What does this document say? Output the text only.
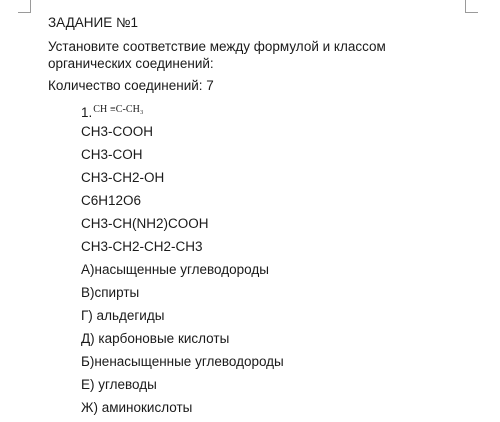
ЗАДАНИЕ №1
Установите соответствие между формулой и классом органических соединений:
Количество соединений: 7
1.CH ≡C-CH₃
CH3-COOH
CH3-COH
CH3-CH2-OH
C6H12O6
CH3-CH(NH2)COOH
CH3-CH2-CH2-CH3
А)насыщенные углеводороды
В)спирты
Г) альдегиды
Д) карбоновые кислоты
Б)ненасыщенные углеводороды
Е) углеводы
Ж) аминокислоты
